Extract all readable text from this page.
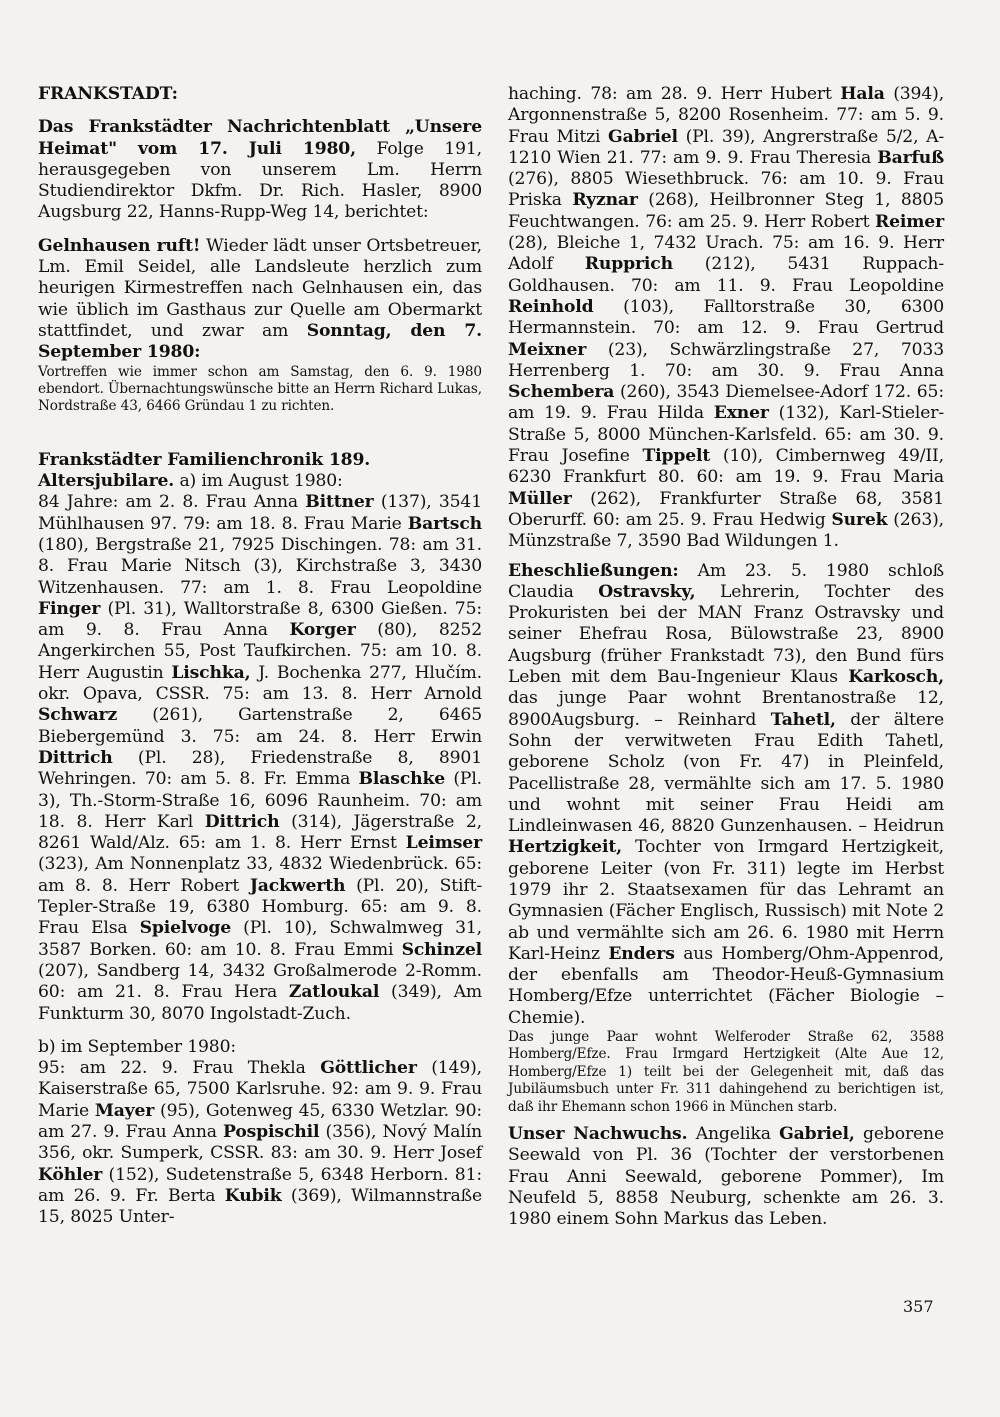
FRANKSTADT:

Das Frankstädter Nachrichtenblatt „Unsere Heimat" vom 17. Juli 1980, Folge 191, herausgegeben von unserem Lm. Herrn Studiendirektor Dkfm. Dr. Rich. Hasler, 8900 Augsburg 22, Hanns-Rupp-Weg 14, berichtet:

Gelnhausen ruft! Wieder lädt unser Ortsbetreuer, Lm. Emil Seidel, alle Landsleute herzlich zum heurigen Kirmestreffen nach Gelnhausen ein, das wie üblich im Gasthaus zur Quelle am Obermarkt stattfindet, und zwar am Sonntag, den 7. September 1980:

Vortreffen wie immer schon am Samstag, den 6. 9. 1980 ebendort. Übernachtungswünsche bitte an Herrn Richard Lukas, Nordstraße 43, 6466 Gründau 1 zu richten.

Frankstädter Familienchronik 189.

Altersjubilare. a) im August 1980:

84 Jahre: am 2. 8. Frau Anna Bittner (137), 3541 Mühlhausen 97. 79: am 18. 8. Frau Marie Bartsch (180), Bergstraße 21, 7925 Dischingen. 78: am 31. 8. Frau Marie Nitsch (3), Kirchstraße 3, 3430 Witzenhausen. 77: am 1. 8. Frau Leopoldine Finger (Pl. 31), Walltorstraße 8, 6300 Gießen. 75: am 9. 8. Frau Anna Korger (80), 8252 Angerkirchen 55, Post Taufkirchen. 75: am 10. 8. Herr Augustin Lischka, J. Bochenka 277, Hlučím. okr. Opava, CSSR. 75: am 13. 8. Herr Arnold Schwarz (261), Gartenstraße 2, 6465 Biebergemünd 3. 75: am 24. 8. Herr Erwin Dittrich (Pl. 28), Friedenstraße 8, 8901 Wehringen. 70: am 5. 8. Fr. Emma Blaschke (Pl. 3), Th.-Storm-Straße 16, 6096 Raunheim. 70: am 18. 8. Herr Karl Dittrich (314), Jägerstraße 2, 8261 Wald/Alz. 65: am 1. 8. Herr Ernst Leimser (323), Am Nonnenplatz 33, 4832 Wiedenbrück. 65: am 8. 8. Herr Robert Jackwerth (Pl. 20), Stift-Tepler-Straße 19, 6380 Homburg. 65: am 9. 8. Frau Elsa Spielvoge (Pl. 10), Schwalmweg 31, 3587 Borken. 60: am 10. 8. Frau Emmi Schinzel (207), Sandberg 14, 3432 Großalmerode 2-Romm. 60: am 21. 8. Frau Hera Zatloukal (349), Am Funkturm 30, 8070 Ingolstadt-Zuch.

b) im September 1980:

95: am 22. 9. Frau Thekla Göttlicher (149), Kaiserstraße 65, 7500 Karlsruhe. 92: am 9. 9. Frau Marie Mayer (95), Gotenweg 45, 6330 Wetzlar. 90: am 27. 9. Frau Anna Pospischil (356), Nový Malín 356, okr. Sumperk, CSSR. 83: am 30. 9. Herr Josef Köhler (152), Sudetenstraße 5, 6348 Herborn. 81: am 26. 9. Fr. Berta Kubik (369), Wilmannstraße 15, 8025 Unter-

haching. 78: am 28. 9. Herr Hubert Hala (394), Argonnenstraße 5, 8200 Rosenheim. 77: am 5. 9. Frau Mitzi Gabriel (Pl. 39), Angrerstraße 5/2, A-1210 Wien 21. 77: am 9. 9. Frau Theresia Barfuß (276), 8805 Wiesethbruck. 76: am 10. 9. Frau Priska Ryznar (268), Heilbronner Steg 1, 8805 Feuchtwangen. 76: am 25. 9. Herr Robert Reimer (28), Bleiche 1, 7432 Urach. 75: am 16. 9. Herr Adolf Rupprich (212), 5431 Ruppach-Goldhausen. 70: am 11. 9. Frau Leopoldine Reinhold (103), Falltorstraße 30, 6300 Hermannstein. 70: am 12. 9. Frau Gertrud Meixner (23), Schwärzlingstraße 27, 7033 Herrenberg 1. 70: am 30. 9. Frau Anna Schembera (260), 3543 Diemelsee-Adorf 172. 65: am 19. 9. Frau Hilda Exner (132), Karl-Stieler-Straße 5, 8000 München-Karlsfeld. 65: am 30. 9. Frau Josefine Tippelt (10), Cimbernweg 49/II, 6230 Frankfurt 80. 60: am 19. 9. Frau Maria Müller (262), Frankfurter Straße 68, 3581 Oberurff. 60: am 25. 9. Frau Hedwig Surek (263), Münzstraße 7, 3590 Bad Wildungen 1.

Eheschließungen: Am 23. 5. 1980 schloß Claudia Ostravsky, Lehrerin, Tochter des Prokuristen bei der MAN Franz Ostravsky und seiner Ehefrau Rosa, Bülowstraße 23, 8900 Augsburg (früher Frankstadt 73), den Bund fürs Leben mit dem Bau-Ingenieur Klaus Karkosch, das junge Paar wohnt Brentanostraße 12, 8900Augsburg. – Reinhard Tahetl, der ältere Sohn der verwitweten Frau Edith Tahetl, geborene Scholz (von Fr. 47) in Pleinfeld, Pacellistraße 28, vermählte sich am 17. 5. 1980 und wohnt mit seiner Frau Heidi am Lindleinwasen 46, 8820 Gunzenhausen. – Heidrun Hertzigkeit, Tochter von Irmgard Hertzigkeit, geborene Leiter (von Fr. 311) legte im Herbst 1979 ihr 2. Staatsexamen für das Lehramt an Gymnasien (Fächer Englisch, Russisch) mit Note 2 ab und vermählte sich am 26. 6. 1980 mit Herrn Karl-Heinz Enders aus Homberg/Ohm-Appenrod, der ebenfalls am Theodor-Heuß-Gymnasium Homberg/Efze unterrichtet (Fächer Biologie – Chemie).

Das junge Paar wohnt Welferoder Straße 62, 3588 Homberg/Efze. Frau Irmgard Hertzigkeit (Alte Aue 12, Homberg/Efze 1) teilt bei der Gelegenheit mit, daß das Jubiläumsbuch unter Fr. 311 dahingehend zu berichtigen ist, daß ihr Ehemann schon 1966 in München starb.

Unser Nachwuchs. Angelika Gabriel, geborene Seewald von Pl. 36 (Tochter der verstorbenen Frau Anni Seewald, geborene Pommer), Im Neufeld 5, 8858 Neuburg, schenkte am 26. 3. 1980 einem Sohn Markus das Leben.

357
